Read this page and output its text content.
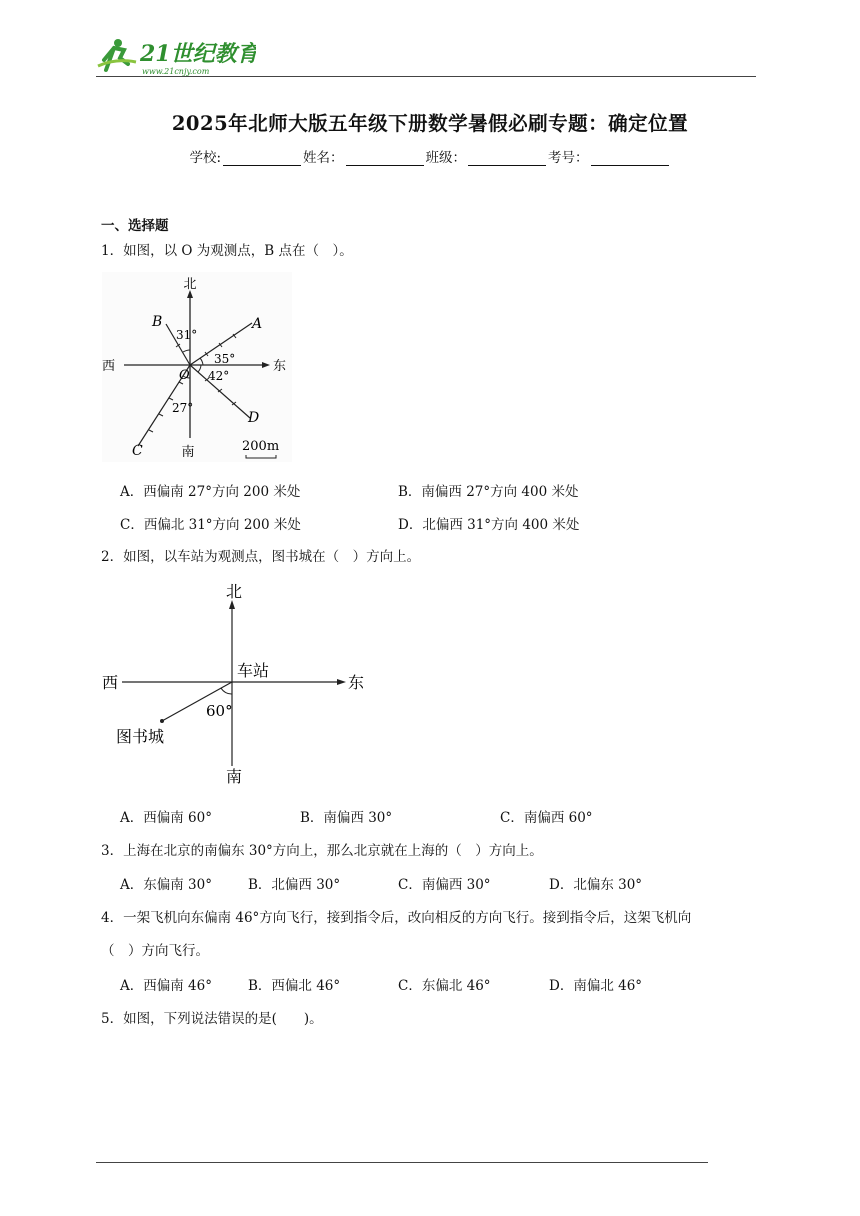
21世纪教育
www.21cnjy.com
2025年北师大版五年级下册数学暑假必刷专题：确定位置
学校:	姓名：	班级：	考号：
一、选择题
1．如图，以 O 为观测点，B 点在（　）。
北
南
东
西
B	A
C
D
O
31°
35°
42°
27°
200m
A．西偏南 27°方向 200 米处	B．南偏西 27°方向 400 米处
C．西偏北 31°方向 200 米处	D．北偏西 31°方向 400 米处
2．如图，以车站为观测点，图书城在（　）方向上。
北
南
东
西
车站
60°
图书城
A．西偏南 60°	B．南偏西 30°	C．南偏西 60°
3．上海在北京的南偏东 30°方向上，那么北京就在上海的（　）方向上。
A．东偏南 30°	B．北偏西 30°	C．南偏西 30°	D．北偏东 30°
4．一架飞机向东偏南 46°方向飞行，接到指令后，改向相反的方向飞行。接到指令后，这架飞机向
（　）方向飞行。
A．西偏南 46°	B．西偏北 46°	C．东偏北 46°	D．南偏北 46°
5．如图，下列说法错误的是(　　)。
